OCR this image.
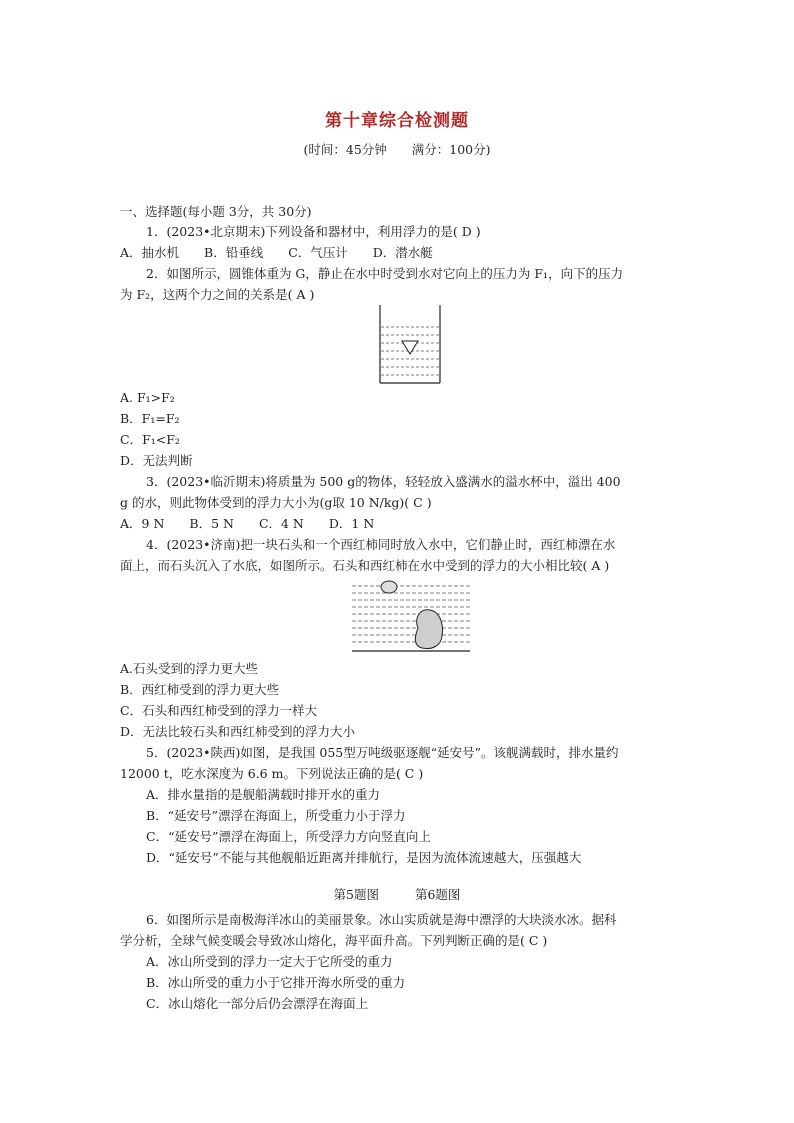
第十章综合检测题
(时间：45分钟　　满分：100分)
一、选择题(每小题 3分，共 30分)
1．(2023•北京期末)下列设备和器材中，利用浮力的是( D )
A．抽水机　　B．铅垂线　　C．气压计　　D．潜水艇
2．如图所示，圆锥体重为 G，静止在水中时受到水对它向上的压力为 F₁，向下的压力
为 F₂，这两个力之间的关系是( A )
A. F₁>F₂
B．F₁=F₂
C．F₁<F₂
D．无法判断
3．(2023•临沂期末)将质量为 500 g的物体，轻轻放入盛满水的溢水杯中，溢出 400
g 的水，则此物体受到的浮力大小为(g取 10 N/kg)( C )
A．9 N　　B．5 N　　C．4 N　　D．1 N
4．(2023•济南)把一块石头和一个西红柿同时放入水中，它们静止时，西红柿漂在水
面上，而石头沉入了水底，如图所示。石头和西红柿在水中受到的浮力的大小相比较( A )
A.石头受到的浮力更大些
B．西红柿受到的浮力更大些
C．石头和西红柿受到的浮力一样大
D．无法比较石头和西红柿受到的浮力大小
5．(2023•陕西)如图，是我国 055型万吨级驱逐舰“延安号”。该舰满载时，排水量约
12000 t，吃水深度为 6.6 m。下列说法正确的是( C )
A．排水量指的是舰船满载时排开水的重力
B．“延安号”漂浮在海面上，所受重力小于浮力
C．“延安号”漂浮在海面上，所受浮力方向竖直向上
D．“延安号”不能与其他舰船近距离并排航行，是因为流体流速越大，压强越大
第5题图	第6题图
6．如图所示是南极海洋冰山的美丽景象。冰山实质就是海中漂浮的大块淡水冰。据科
学分析，全球气候变暖会导致冰山熔化，海平面升高。下列判断正确的是( C )
A．冰山所受到的浮力一定大于它所受的重力
B．冰山所受的重力小于它排开海水所受的重力
C．冰山熔化一部分后仍会漂浮在海面上
